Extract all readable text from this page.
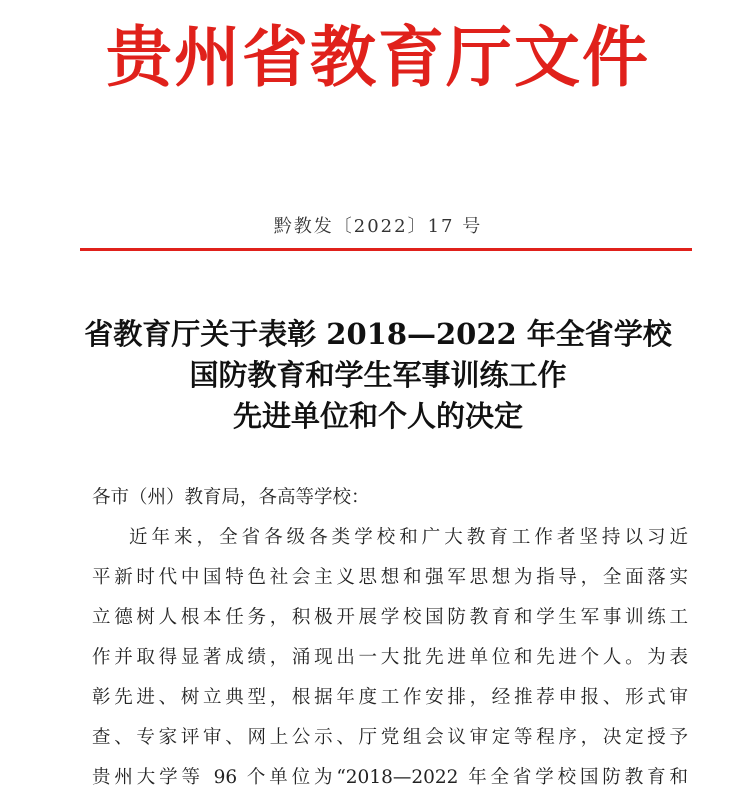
贵州省教育厅文件
黔教发〔2022〕17 号
省教育厅关于表彰 2018—2022 年全省学校
国防教育和学生军事训练工作
先进单位和个人的决定
各市（州）教育局，各高等学校：
近年来，全省各级各类学校和广大教育工作者坚持以习近
平新时代中国特色社会主义思想和强军思想为指导，全面落实
立德树人根本任务，积极开展学校国防教育和学生军事训练工
作并取得显著成绩，涌现出一大批先进单位和先进个人。为表
彰先进、树立典型，根据年度工作安排，经推荐申报、形式审
查、专家评审、网上公示、厅党组会议审定等程序，决定授予
贵州大学等 96 个单位为“2018—2022 年全省学校国防教育和
